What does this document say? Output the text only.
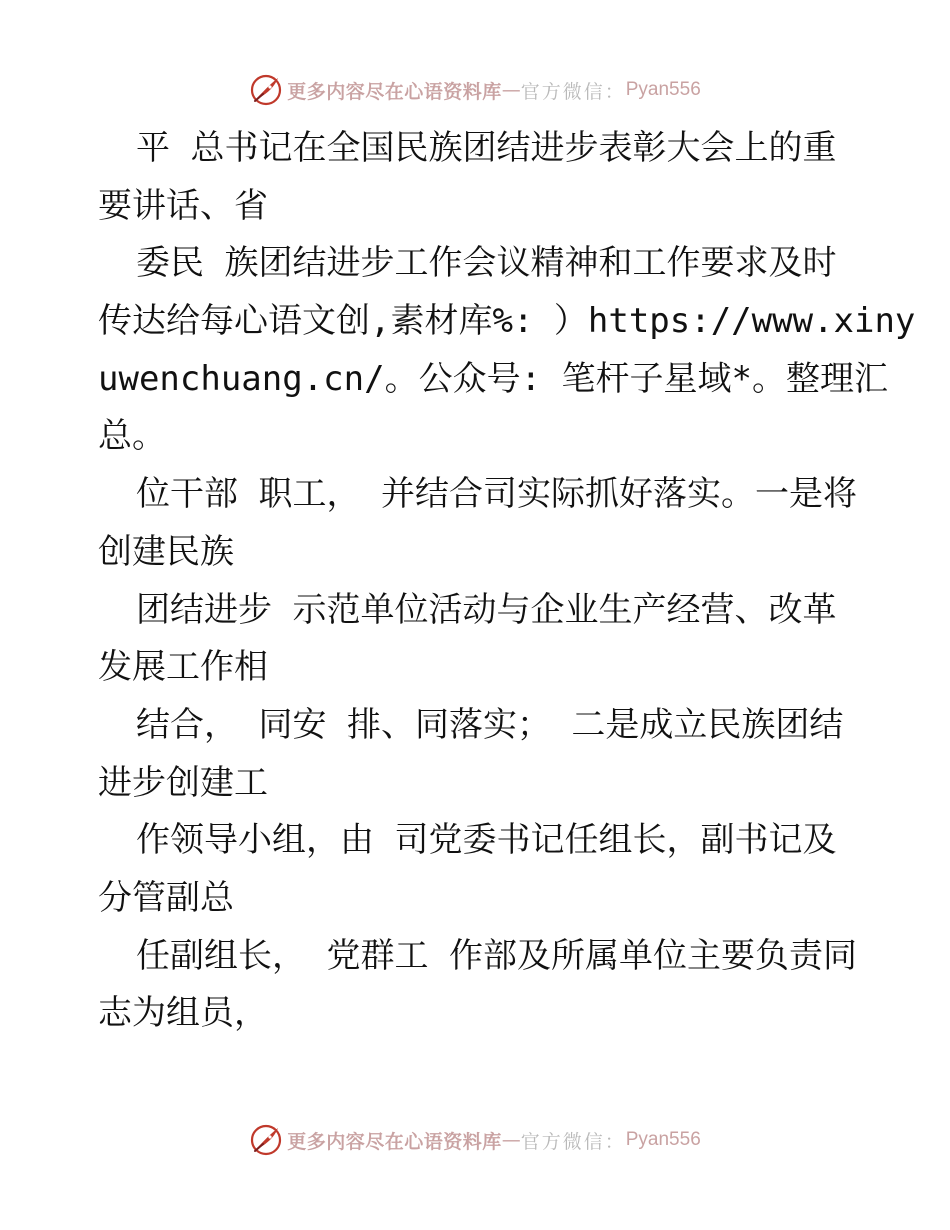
更多内容尽在心语资料库 — 官方微信： Pyan556
平 总书记在全国民族团结进步表彰大会上的重
要讲话、省
委民 族团结进步工作会议精神和工作要求及时
传达给每心语文创,素材库%: ）https://www.xiny
uwenchuang.cn/。公众号: 笔杆子星域*。整理汇
总。
位干部 职工， 并结合司实际抓好落实。一是将
创建民族
团结进步 示范单位活动与企业生产经营、改革
发展工作相
结合， 同安 排、同落实； 二是成立民族团结
进步创建工
作领导小组，由 司党委书记任组长，副书记及
分管副总
任副组长， 党群工 作部及所属单位主要负责同
志为组员，
更多内容尽在心语资料库 — 官方微信： Pyan556
